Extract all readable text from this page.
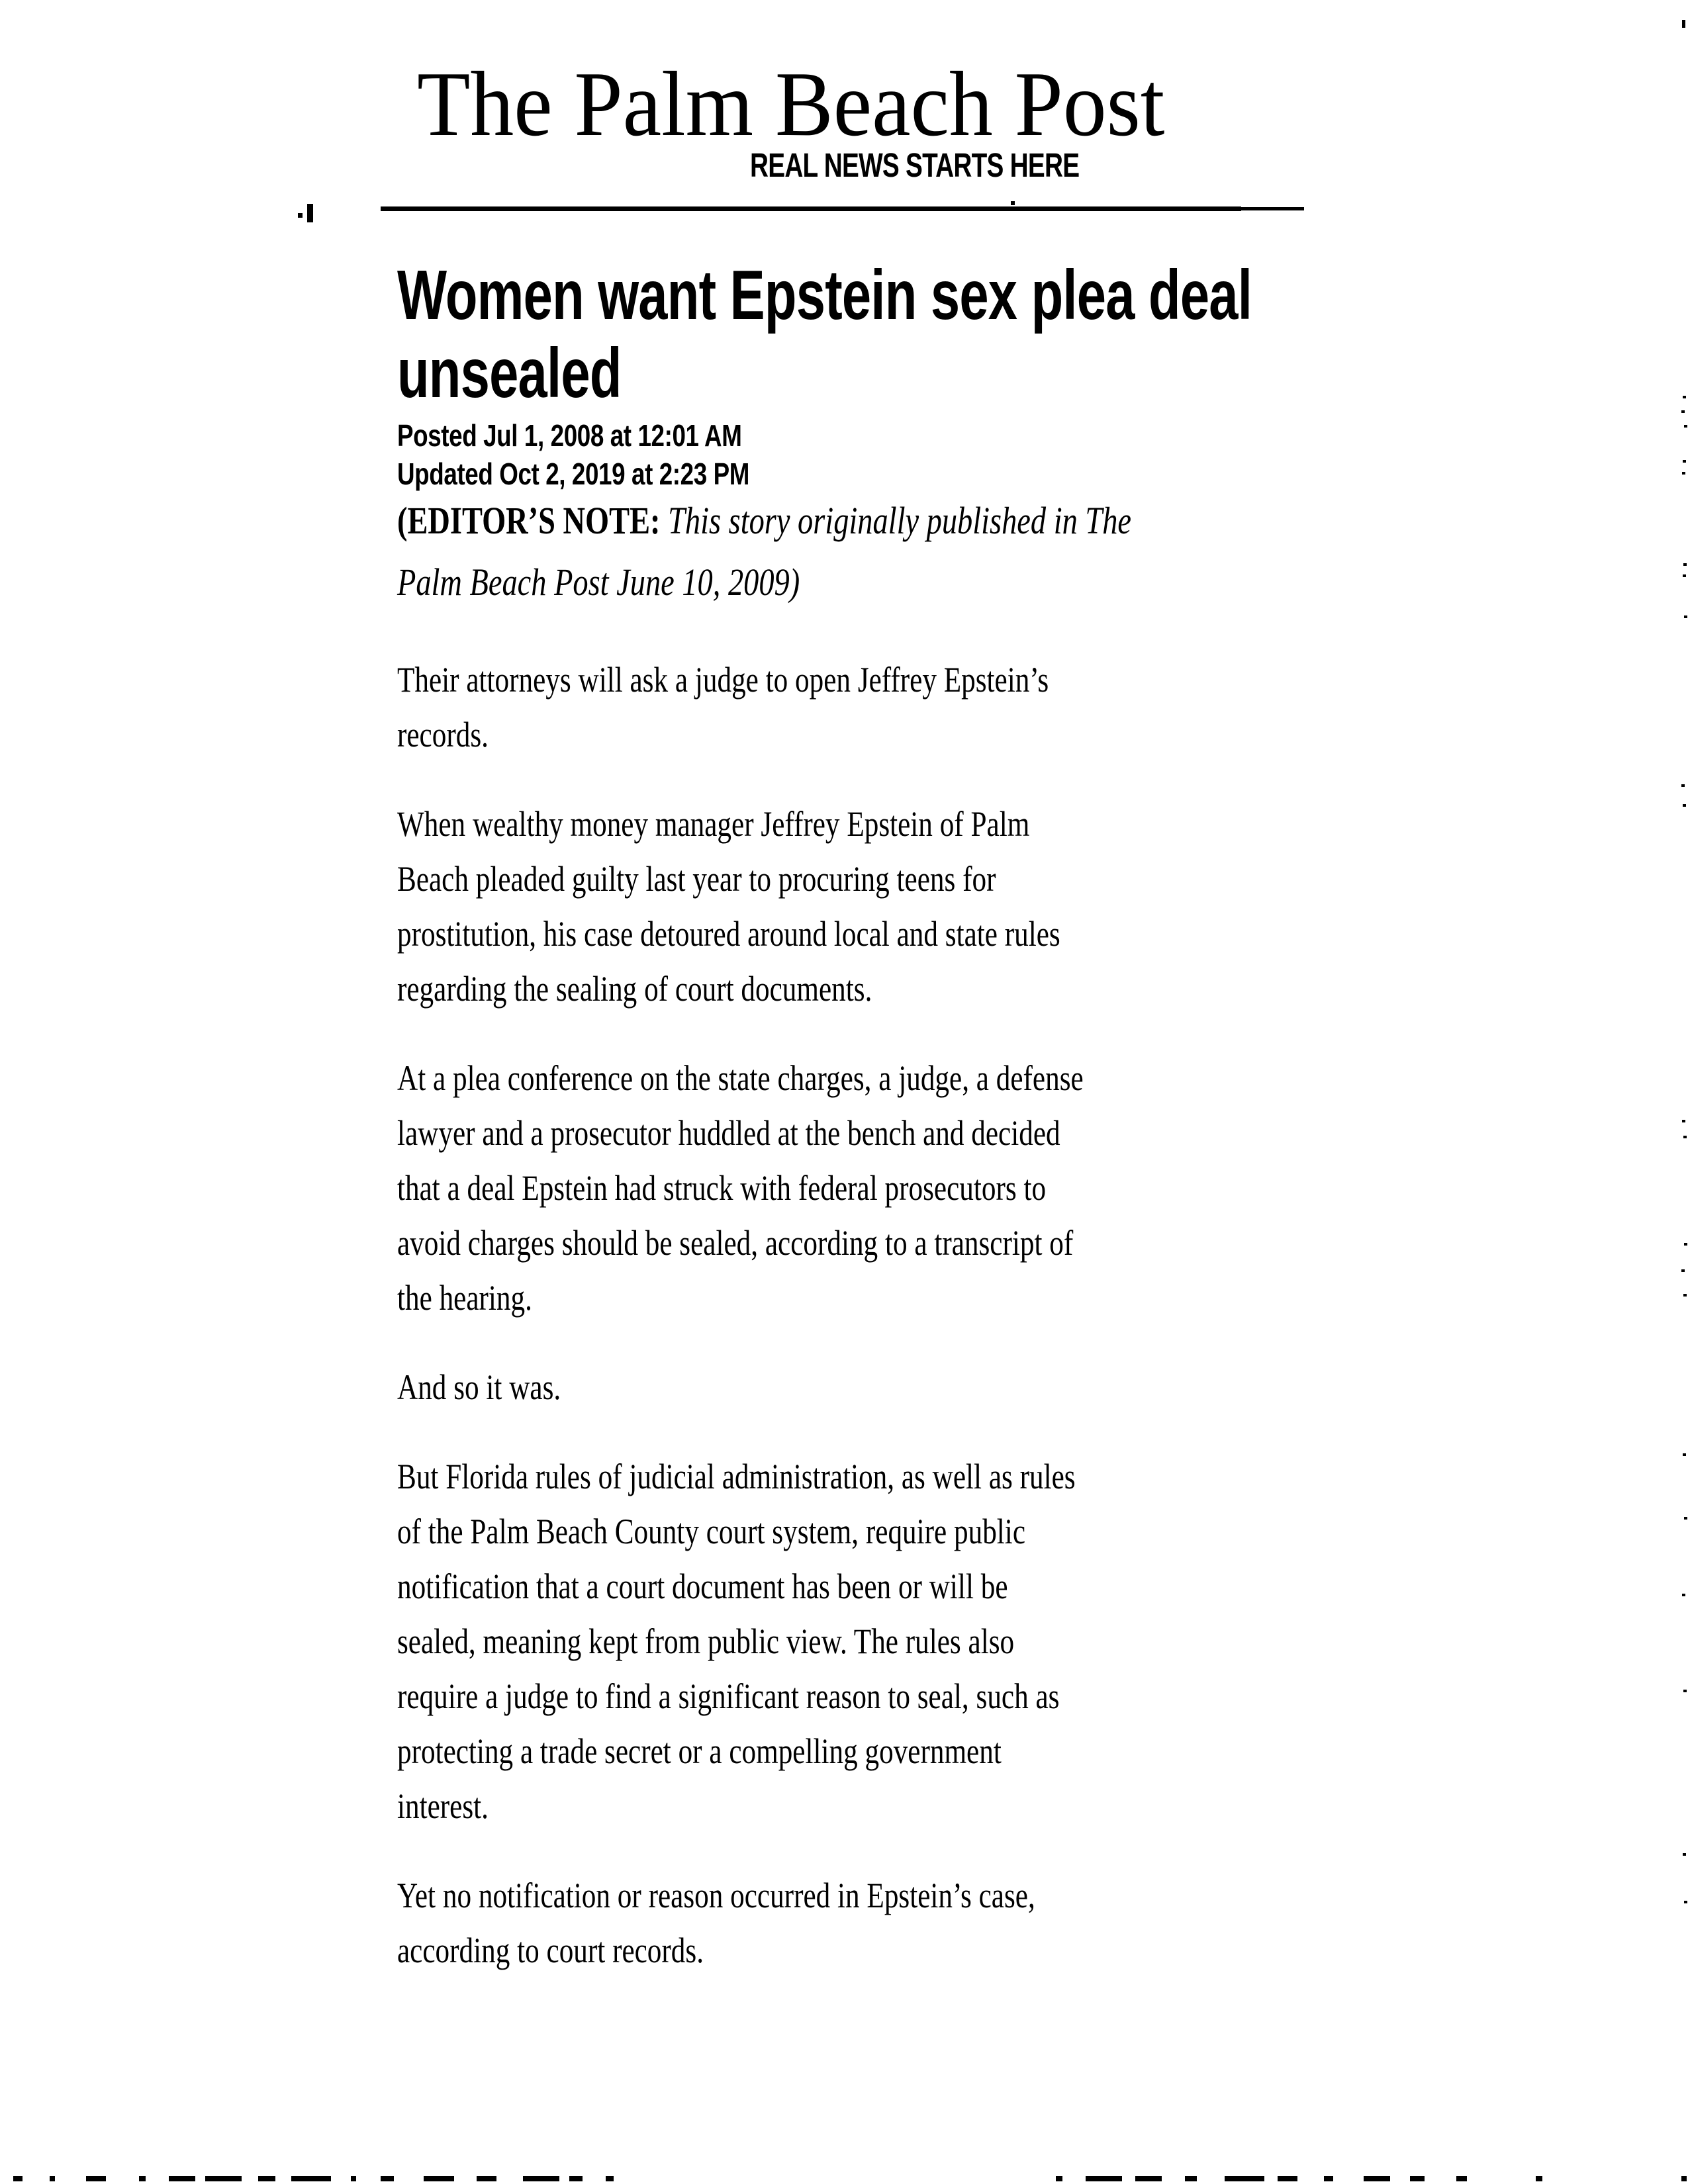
The Palm Beach Post
REAL NEWS STARTS HERE
Women want Epstein sex plea deal
unsealed
Posted Jul 1, 2008 at 12:01 AM
Updated Oct 2, 2019 at 2:23 PM
(EDITOR’S NOTE: This story originally published in The
Palm Beach Post June 10, 2009)
Their attorneys will ask a judge to open Jeffrey Epstein’s
records.
When wealthy money manager Jeffrey Epstein of Palm
Beach pleaded guilty last year to procuring teens for
prostitution, his case detoured around local and state rules
regarding the sealing of court documents.
At a plea conference on the state charges, a judge, a defense
lawyer and a prosecutor huddled at the bench and decided
that a deal Epstein had struck with federal prosecutors to
avoid charges should be sealed, according to a transcript of
the hearing.
And so it was.
But Florida rules of judicial administration, as well as rules
of the Palm Beach County court system, require public
notification that a court document has been or will be
sealed, meaning kept from public view. The rules also
require a judge to find a significant reason to seal, such as
protecting a trade secret or a compelling government
interest.
Yet no notification or reason occurred in Epstein’s case,
according to court records.
